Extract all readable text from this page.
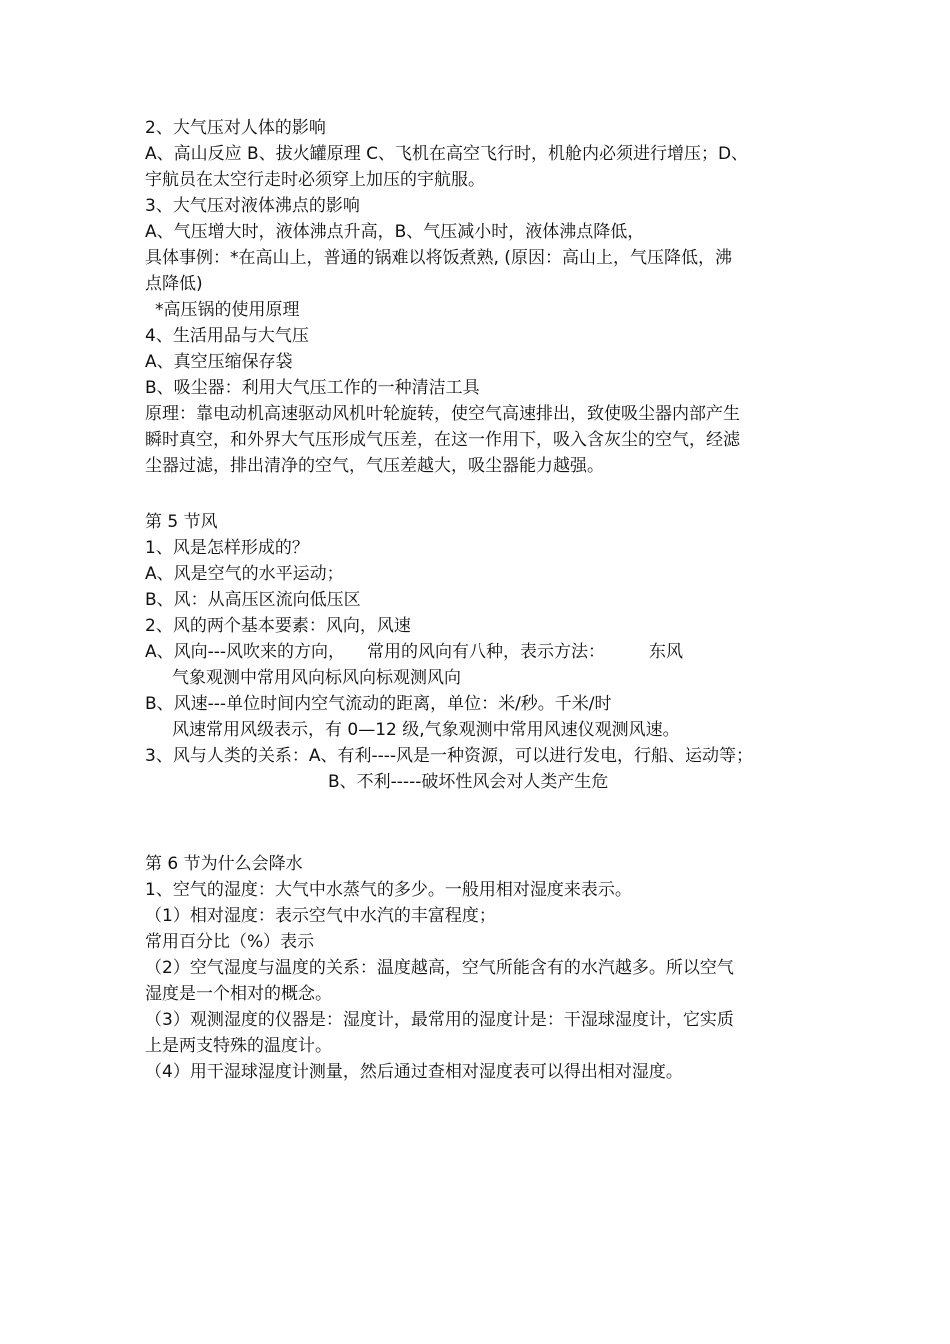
2、大气压对人体的影响
A、高山反应 B、拔火罐原理 C、飞机在高空飞行时，机舱内必须进行增压；D、
宇航员在太空行走时必须穿上加压的宇航服。
3、大气压对液体沸点的影响
A、气压增大时，液体沸点升高，B、气压减小时，液体沸点降低，
具体事例：*在高山上，普通的锅难以将饭煮熟, (原因：高山上，气压降低，沸
点降低)
*高压锅的使用原理
4、生活用品与大气压
A、真空压缩保存袋
B、吸尘器：利用大气压工作的一种清洁工具
原理：靠电动机高速驱动风机叶轮旋转，使空气高速排出，致使吸尘器内部产生
瞬时真空，和外界大气压形成气压差，在这一作用下，吸入含灰尘的空气，经滤
尘器过滤，排出清净的空气，气压差越大，吸尘器能力越强。
第 5 节风
1、风是怎样形成的？
A、风是空气的水平运动；
B、风：从高压区流向低压区
2、风的两个基本要素：风向，风速
A、风向---风吹来的方向， 常用的风向有八种，表示方法：	东风
气象观测中常用风向标风向标观测风向
B、风速---单位时间内空气流动的距离，单位：米/秒。千米/时
风速常用风级表示，有 0—12 级,气象观测中常用风速仪观测风速。
3、风与人类的关系：A、有利----风是一种资源，可以进行发电，行船、运动等；
B、不利-----破坏性风会对人类产生危
第 6 节为什么会降水
1、空气的湿度：大气中水蒸气的多少。一般用相对湿度来表示。
（1）相对湿度：表示空气中水汽的丰富程度；
常用百分比（%）表示
（2）空气湿度与温度的关系：温度越高，空气所能含有的水汽越多。所以空气
湿度是一个相对的概念。
（3）观测湿度的仪器是：湿度计，最常用的湿度计是：干湿球湿度计，它实质
上是两支特殊的温度计。
（4）用干湿球湿度计测量，然后通过查相对湿度表可以得出相对湿度。
